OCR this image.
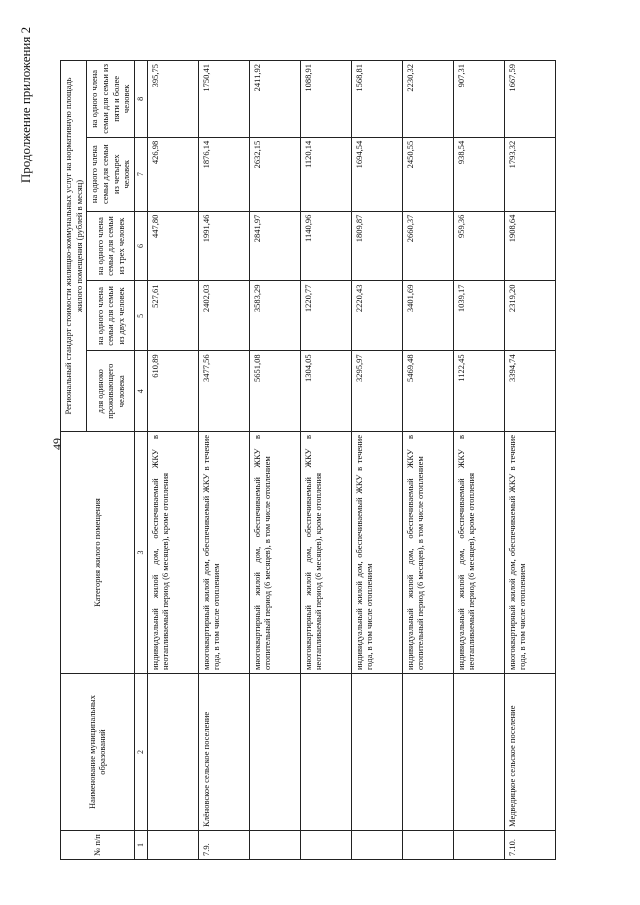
49
Продолжение приложения 2
№ п/п	Наименование муниципальных образований	Категория жилого помещения	Региональный стандарт стоимости жилищно-коммунальных услуг на нормативную площадь жилого помещения (рублей в месяц)				
			для одиноко проживающего человека	на одного члена семьи для семьи из двух человек	на одного члена семьи для семьи из трех человек	на одного члена семьи для семьи из четырех человек	на одного члена семьи для семьи из пяти и более человек
1	2	3	4	5	6	7	8
		индивидуальный жилой дом, обеспечиваемый ЖКУ в неотапливаемый период (6 месяцев), кроме отопления	610,89	527,61	447,80	426,98	395,75
7.9.	Клёновское сельское поселение	многоквартирный жилой дом, обеспечиваемый ЖКУ в течение года, в том числе отоплением	3477,56	2402,03	1991,46	1876,14	1750,41
		многоквартирный жилой дом, обеспечиваемый ЖКУ в отопительный период (6 месяцев), в том числе отоплением	5651,08	3583,29	2841,97	2632,15	2411,92
		многоквартирный жилой дом, обеспечиваемый ЖКУ в неотапливаемый период (6 месяцев), кроме отопления	1304,05	1220,77	1140,96	1120,14	1088,91
		индивидуальный жилой дом, обеспечиваемый ЖКУ в течение года, в том числе отоплением	3295,97	2220,43	1809,87	1694,54	1568,81
		индивидуальный жилой дом, обеспечиваемый ЖКУ в отопительный период (6 месяцев), в том числе отоплением	5469,48	3401,69	2660,37	2450,55	2230,32
		индивидуальный жилой дом, обеспечиваемый ЖКУ в неотапливаемый период (6 месяцев), кроме отопления	1122,45	1039,17	959,36	938,54	907,31
7.10.	Медведицкое сельское поселение	многоквартирный жилой дом, обеспечиваемый ЖКУ в течение года, в том числе отоплением	3394,74	2319,20	1908,64	1793,32	1667,59
